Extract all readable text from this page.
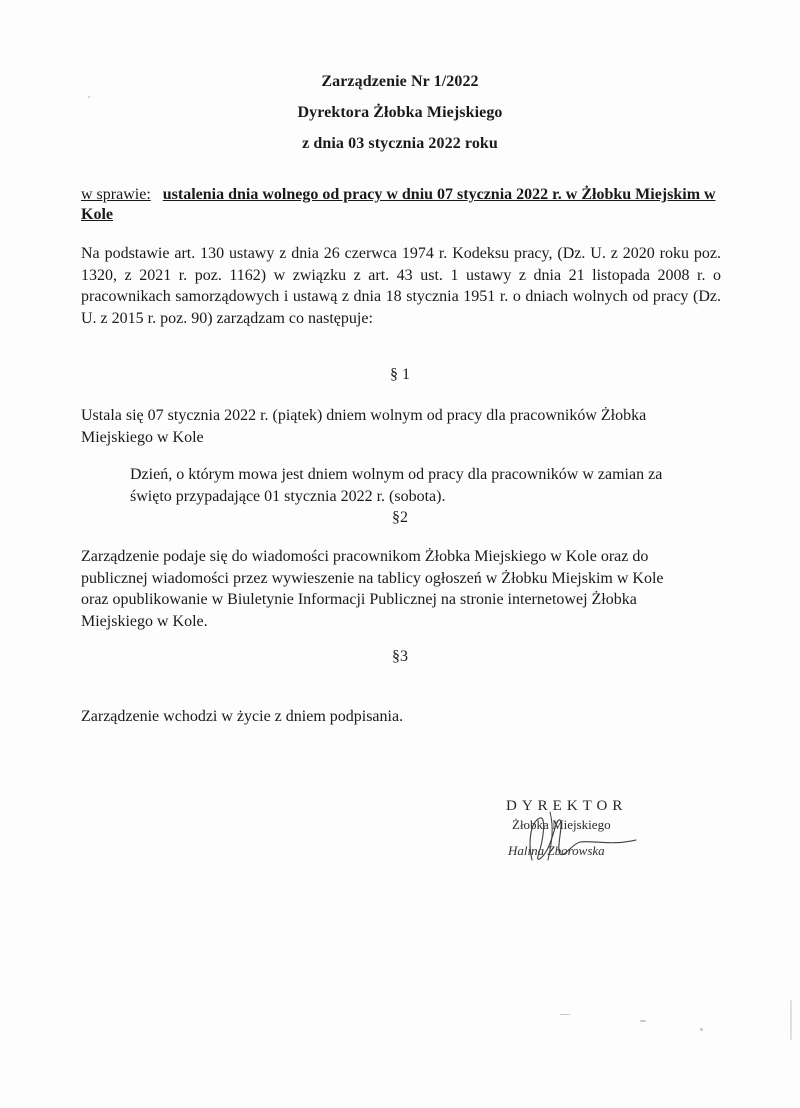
Zarządzenie Nr 1/2022
Dyrektora Żłobka Miejskiego
z dnia 03 stycznia 2022 roku
w sprawie: ustalenia dnia wolnego od pracy w dniu 07 stycznia 2022 r. w Żłobku Miejskim w Kole
Na podstawie art. 130 ustawy z dnia 26 czerwca 1974 r. Kodeksu pracy, (Dz. U. z 2020 roku poz. 1320, z 2021 r. poz. 1162) w związku z art. 43 ust. 1 ustawy z dnia 21 listopada 2008 r. o pracownikach samorządowych i ustawą z dnia 18 stycznia 1951 r. o dniach wolnych od pracy (Dz. U. z 2015 r. poz. 90) zarządzam co następuje:
§ 1
Ustala się 07 stycznia 2022 r. (piątek) dniem wolnym od pracy dla pracowników Żłobka Miejskiego w Kole
Dzień, o którym mowa jest dniem wolnym od pracy dla pracowników w zamian za święto przypadające 01 stycznia 2022 r. (sobota).
§2
Zarządzenie podaje się do wiadomości pracownikom Żłobka Miejskiego w Kole oraz do publicznej wiadomości przez wywieszenie na tablicy ogłoszeń w Żłobku Miejskim w Kole oraz opublikowanie w Biuletynie Informacji Publicznej na stronie internetowej Żłobka Miejskiego w Kole.
§3
Zarządzenie wchodzi w życie z dniem podpisania.
DYREKTOR
Żłobka Miejskiego
Halina Zborowska
